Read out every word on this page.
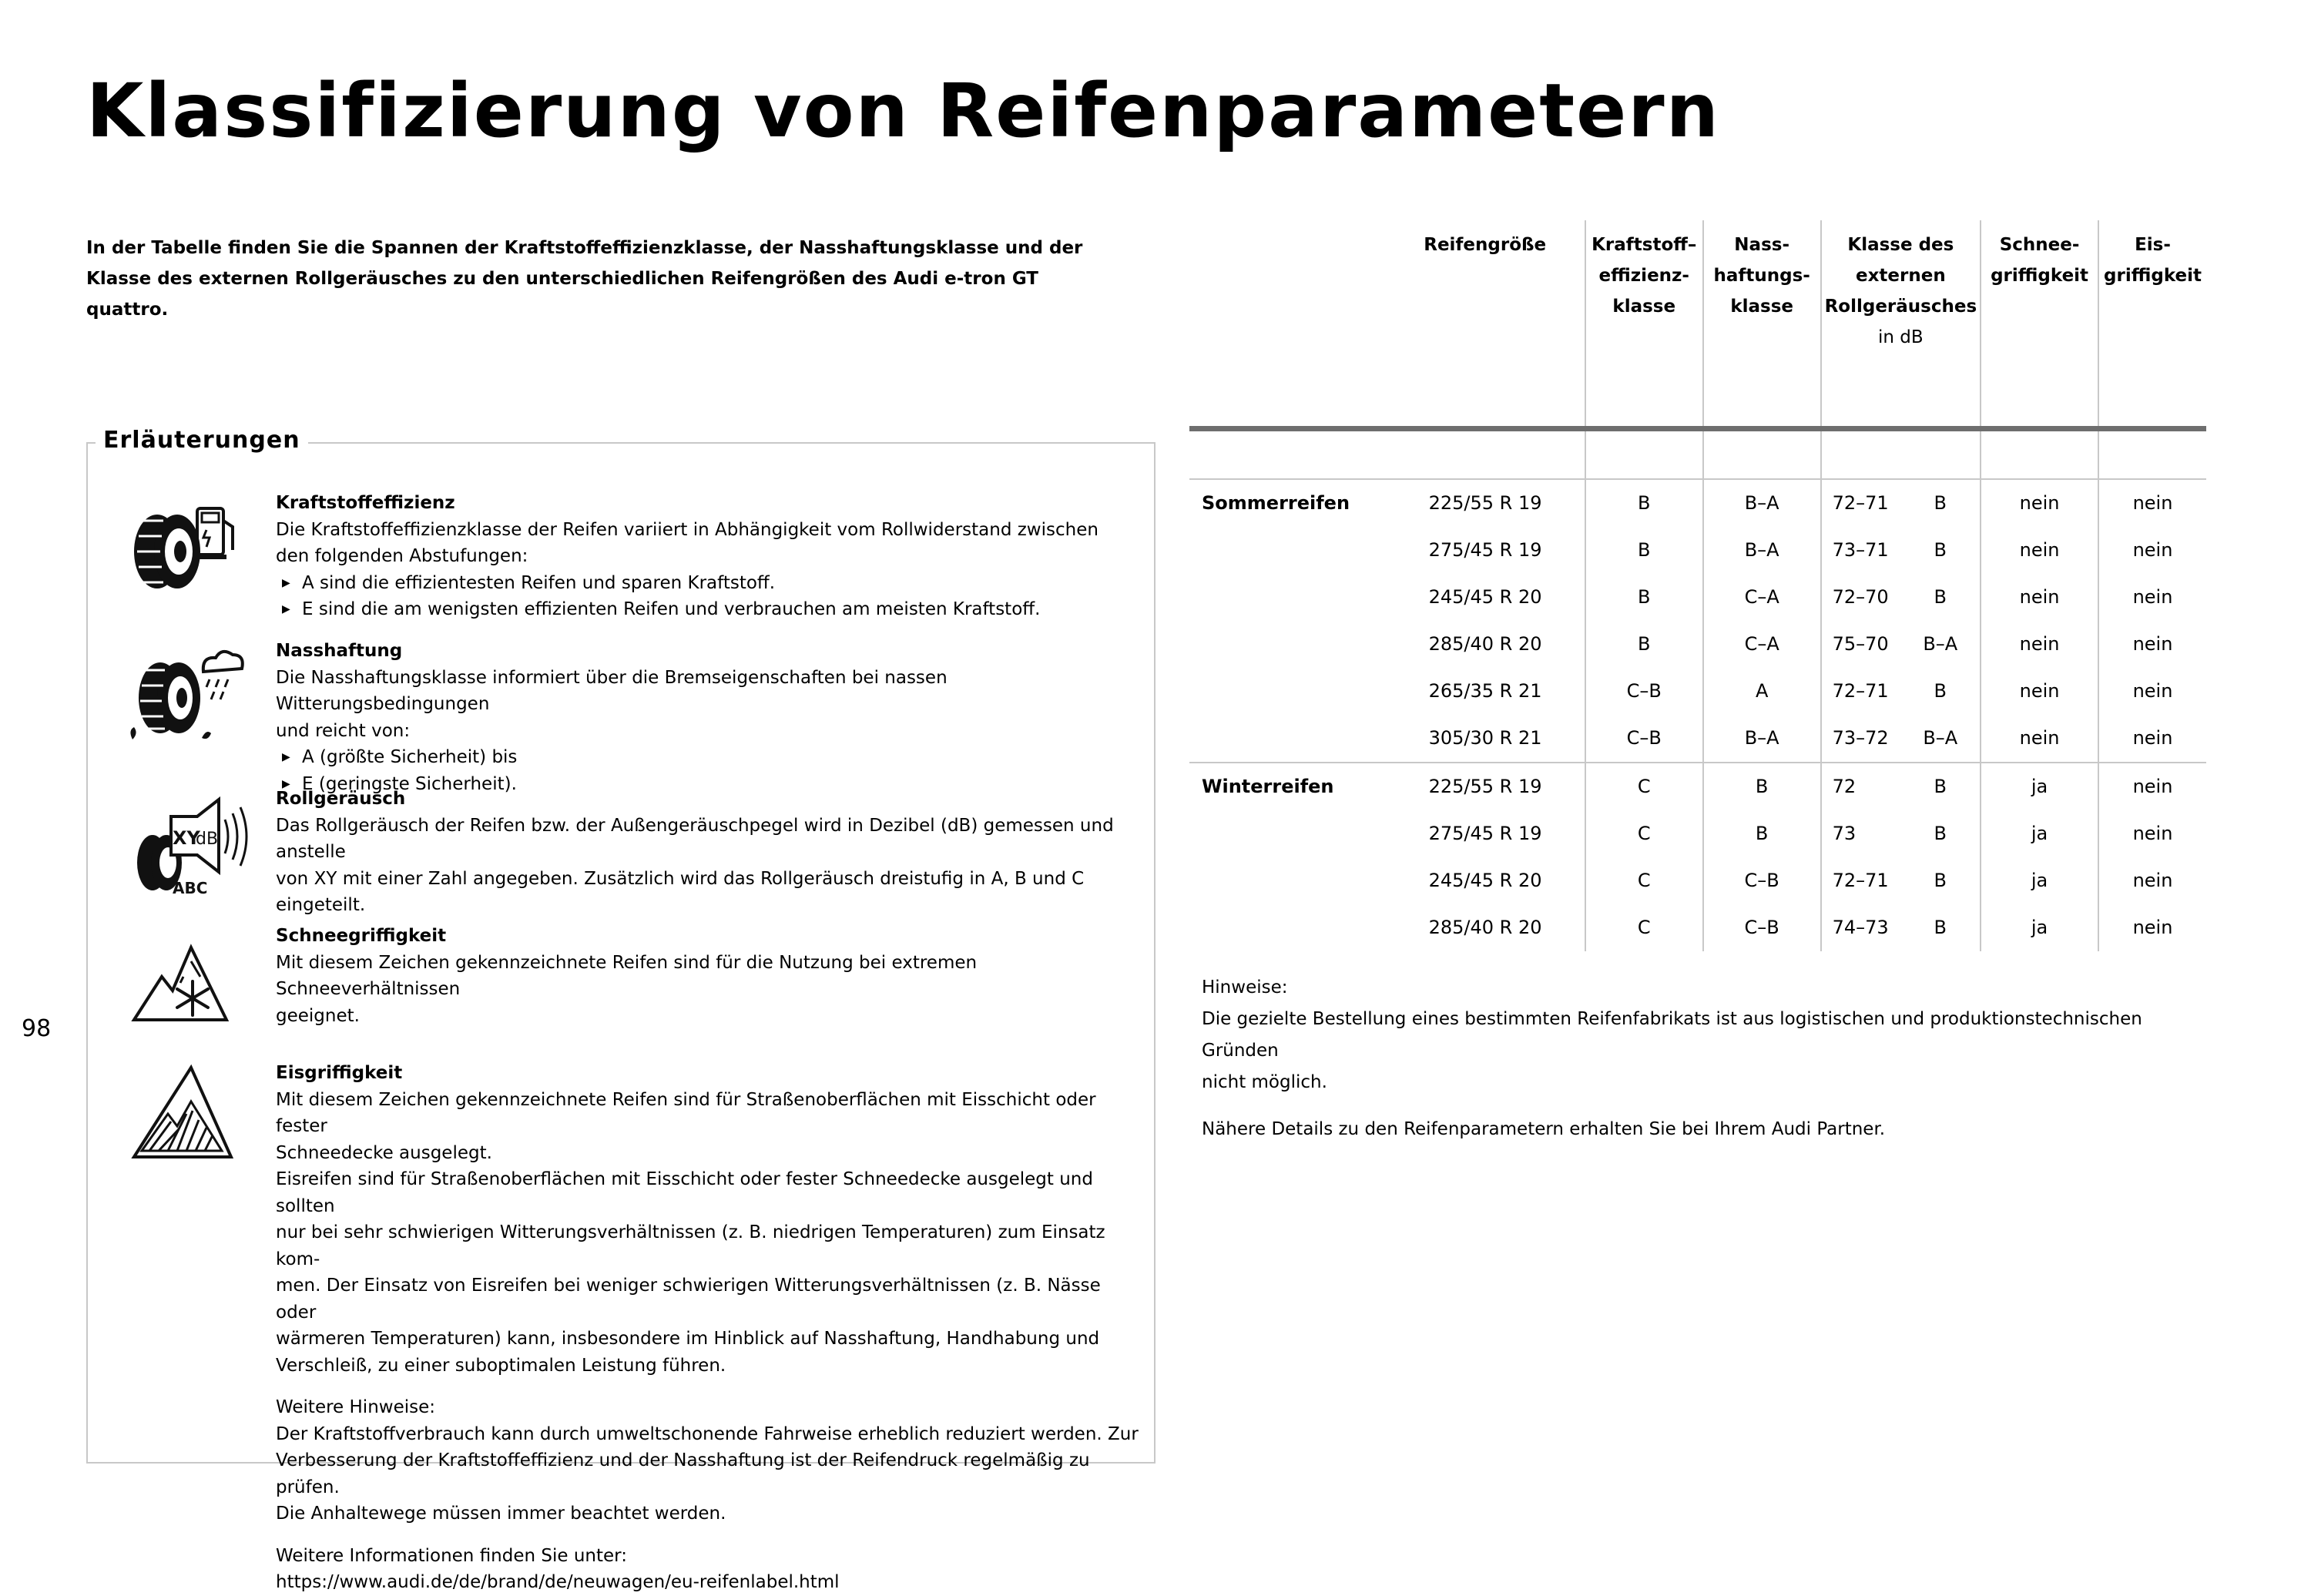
Klassifizierung von Reifenparametern
In der Tabelle finden Sie die Spannen der Kraftstoffeffizienzklasse, der Nasshaftungsklasse und der
Klasse des externen Rollgeräusches zu den unterschiedlichen Reifengrößen des Audi e-tron GT quattro.
98
Erläuterungen

Kraftstoffeffizienz

Die Kraftstoffeffizienzklasse der Reifen variiert in Abhängigkeit vom Rollwiderstand zwischen

den folgenden Abstufungen:

▶ A sind die effizientesten Reifen und sparen Kraftstoff.

▶ E sind die am wenigsten effizienten Reifen und verbrauchen am meisten Kraftstoff.

Nasshaftung

Die Nasshaftungsklasse informiert über die Bremseigenschaften bei nassen Witterungsbedingungen

und reicht von:

▶ A (größte Sicherheit) bis

▶ E (geringste Sicherheit).

XY
dB
ABC

Rollgeräusch

Das Rollgeräusch der Reifen bzw. der Außengeräuschpegel wird in Dezibel (dB) gemessen und anstelle

von XY mit einer Zahl angegeben. Zusätzlich wird das Rollgeräusch dreistufig in A, B und C eingeteilt.

Schneegriffigkeit

Mit diesem Zeichen gekennzeichnete Reifen sind für die Nutzung bei extremen Schneeverhältnissen

geeignet.

Eisgriffigkeit

Mit diesem Zeichen gekennzeichnete Reifen sind für Straßenoberflächen mit Eisschicht oder fester

Schneedecke ausgelegt.

Eisreifen sind für Straßenoberflächen mit Eisschicht oder fester Schneedecke ausgelegt und sollten

nur bei sehr schwierigen Witterungsverhältnissen (z. B. niedrigen Temperaturen) zum Einsatz kom-

men. Der Einsatz von Eisreifen bei weniger schwierigen Witterungsverhältnissen (z. B. Nässe oder

wärmeren Temperaturen) kann, insbesondere im Hinblick auf Nasshaftung, Handhabung und

Verschleiß, zu einer suboptimalen Leistung führen.

Weitere Hinweise:

Der Kraftstoffverbrauch kann durch umweltschonende Fahrweise erheblich reduziert werden. Zur

Verbesserung der Kraftstoffeffizienz und der Nasshaftung ist der Reifendruck regelmäßig zu prüfen.

Die Anhaltewege müssen immer beachtet werden.

Weitere Informationen finden Sie unter:

https://www.audi.de/de/brand/de/neuwagen/eu-reifenlabel.html

	Reifengröße	Kraftstoff–
effizienz-
klasse	Nass-
haftungs-
klasse	Klasse des
externen
Rollgeräusches
in dB		Schnee-
griffigkeit	Eis-
griffigkeit

Sommerreifen	225/55 R 19	B	B–A	72–71	B	nein	nein
	275/45 R 19	B	B–A	73–71	B	nein	nein
	245/45 R 20	B	C–A	72–70	B	nein	nein
	285/40 R 20	B	C–A	75–70	B–A	nein	nein
	265/35 R 21	C–B	A	72–71	B	nein	nein
	305/30 R 21	C–B	B–A	73–72	B–A	nein	nein
Winterreifen	225/55 R 19	C	B	72	B	ja	nein
	275/45 R 19	C	B	73	B	ja	nein
	245/45 R 20	C	C–B	72–71	B	ja	nein
	285/40 R 20	C	C–B	74–73	B	ja	nein

Hinweise:

Die gezielte Bestellung eines bestimmten Reifenfabrikats ist aus logistischen und produktionstechnischen Gründen

nicht möglich.

Nähere Details zu den Reifenparametern erhalten Sie bei Ihrem Audi Partner.
